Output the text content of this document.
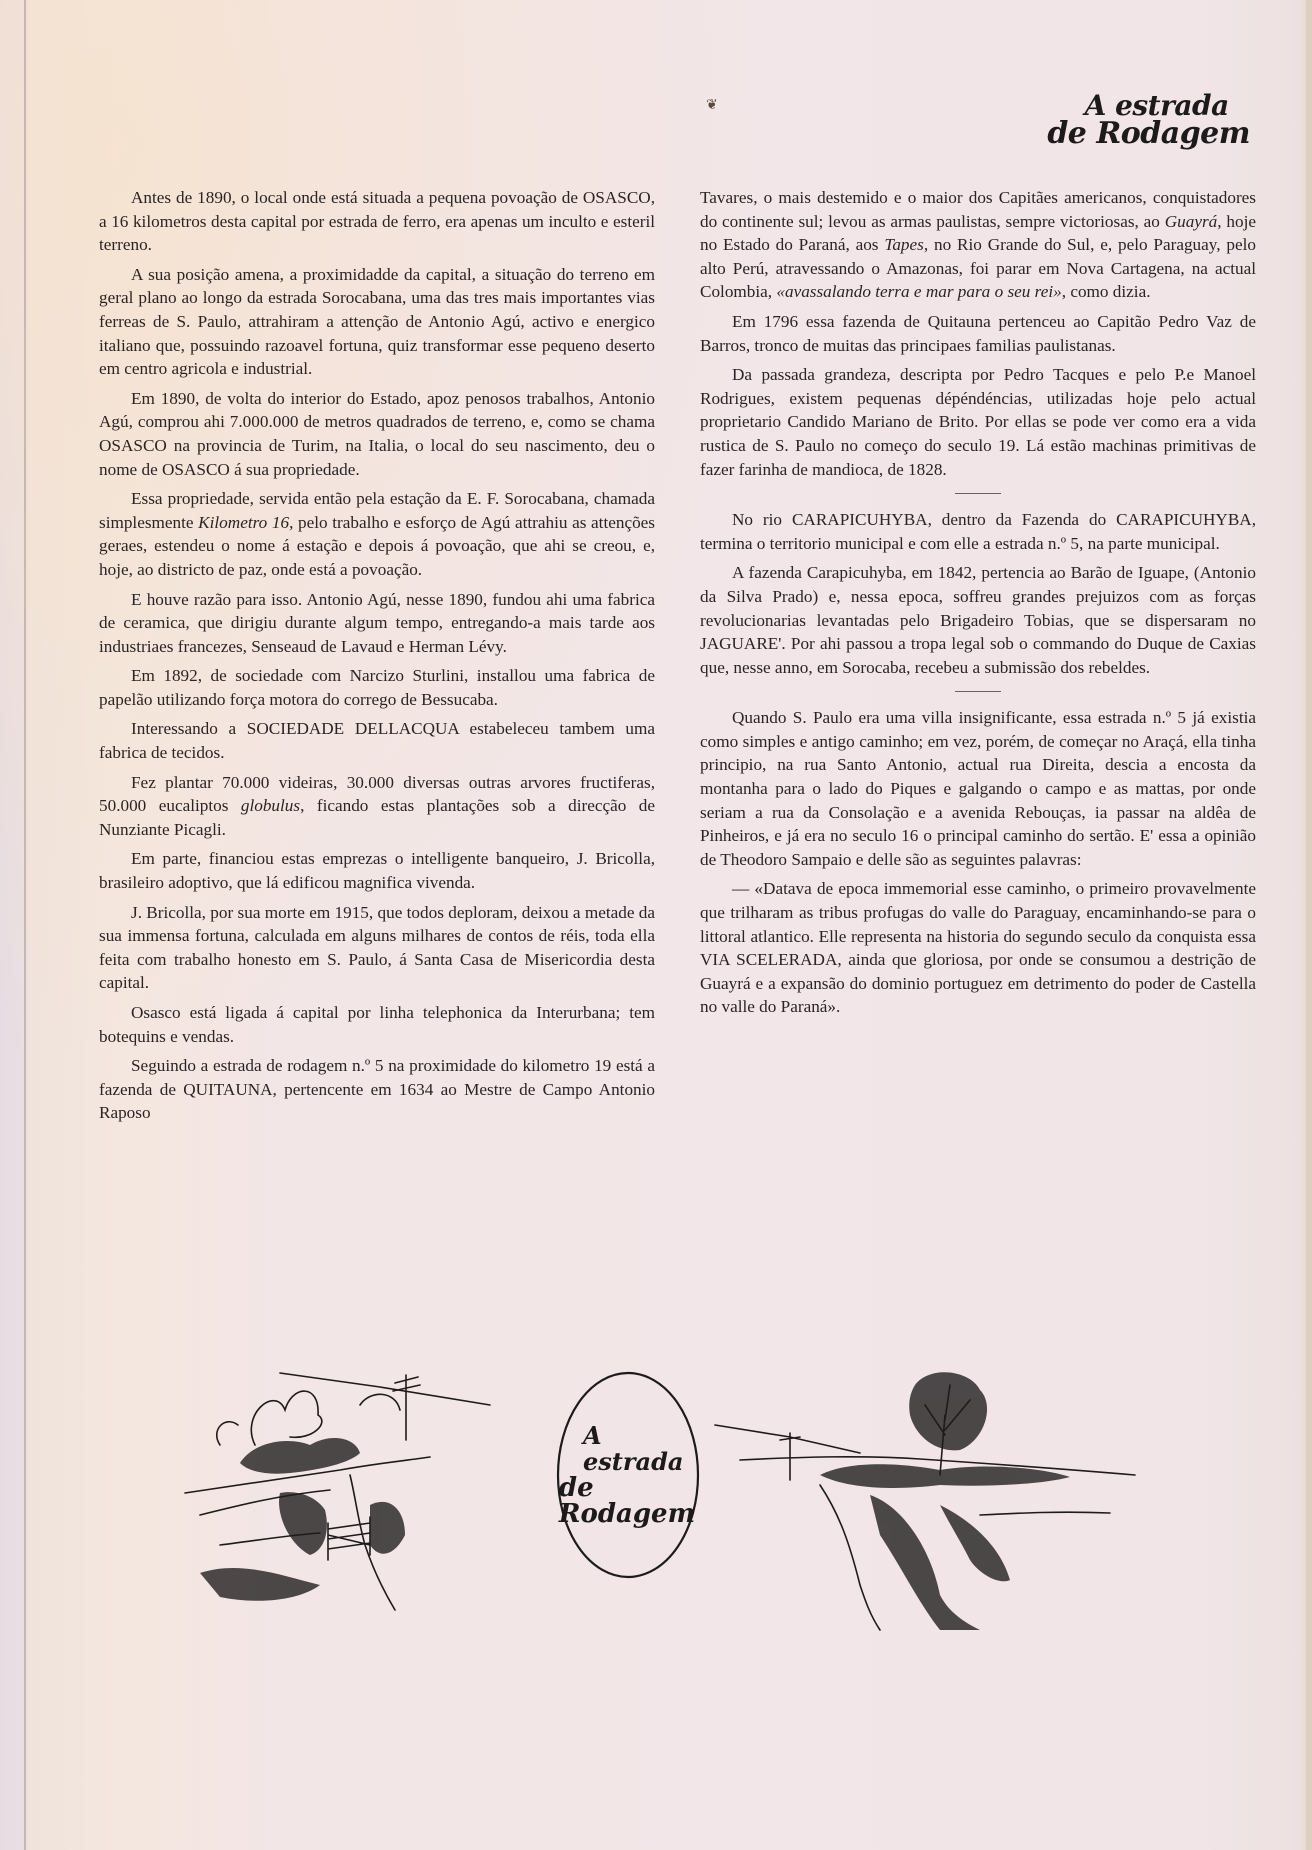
❦	A estrada
de Rodagem

Antes de 1890, o local onde está situada a pequena povoação de OSASCO, a 16 kilometros desta capital por estrada de ferro, era apenas um inculto e esteril terreno.

A sua posição amena, a proximidadde da capital, a situação do terreno em geral plano ao longo da estrada Sorocabana, uma das tres mais importantes vias ferreas de S. Paulo, attrahiram a attenção de Antonio Agú, activo e energico italiano que, possuindo razoavel fortuna, quiz transformar esse pequeno deserto em centro agricola e industrial.

Em 1890, de volta do interior do Estado, apoz penosos trabalhos, Antonio Agú, comprou ahi 7.000.000 de metros quadrados de terreno, e, como se chama OSASCO na provincia de Turim, na Italia, o local do seu nascimento, deu o nome de OSASCO á sua propriedade.

Essa propriedade, servida então pela estação da E. F. Sorocabana, chamada simplesmente Kilometro 16, pelo trabalho e esforço de Agú attrahiu as attenções geraes, estendeu o nome á estação e depois á povoação, que ahi se creou, e, hoje, ao districto de paz, onde está a povoação.

E houve razão para isso. Antonio Agú, nesse 1890, fundou ahi uma fabrica de ceramica, que dirigiu durante algum tempo, entregando-a mais tarde aos industriaes francezes, Senseaud de Lavaud e Herman Lévy.

Em 1892, de sociedade com Narcizo Sturlini, installou uma fabrica de papelão utilizando força motora do corrego de Bessucaba.

Interessando a SOCIEDADE DELLACQUA estabeleceu tambem uma fabrica de tecidos.

Fez plantar 70.000 videiras, 30.000 diversas outras arvores fructiferas, 50.000 eucaliptos globulus, ficando estas plantações sob a direcção de Nunziante Picagli.

Em parte, financiou estas emprezas o intelligente banqueiro, J. Bricolla, brasileiro adoptivo, que lá edificou magnifica vivenda.

J. Bricolla, por sua morte em 1915, que todos deploram, deixou a metade da sua immensa fortuna, calculada em alguns milhares de contos de réis, toda ella feita com trabalho honesto em S. Paulo, á Santa Casa de Misericordia desta capital.

Osasco está ligada á capital por linha telephonica da Interurbana; tem botequins e vendas.

Seguindo a estrada de rodagem n.º 5 na proximidade do kilometro 19 está a fazenda de QUITAUNA, pertencente em 1634 ao Mestre de Campo Antonio Raposo

Tavares, o mais destemido e o maior dos Capitães americanos, conquistadores do continente sul; levou as armas paulistas, sempre victoriosas, ao Guayrá, hoje no Estado do Paraná, aos Tapes, no Rio Grande do Sul, e, pelo Paraguay, pelo alto Perú, atravessando o Amazonas, foi parar em Nova Cartagena, na actual Colombia, «avassalando terra e mar para o seu rei», como dizia.

Em 1796 essa fazenda de Quitauna pertenceu ao Capitão Pedro Vaz de Barros, tronco de muitas das principaes familias paulistanas.

Da passada grandeza, descripta por Pedro Tacques e pelo P.e Manoel Rodrigues, existem pequenas dépéndéncias, utilizadas hoje pelo actual proprietario Candido Mariano de Brito. Por ellas se pode ver como era a vida rustica de S. Paulo no começo do seculo 19. Lá estão machinas primitivas de fazer farinha de mandioca, de 1828.

No rio CARAPICUHYBA, dentro da Fazenda do CARAPICUHYBA, termina o territorio municipal e com elle a estrada n.º 5, na parte municipal.

A fazenda Carapicuhyba, em 1842, pertencia ao Barão de Iguape, (Antonio da Silva Prado) e, nessa epoca, soffreu grandes prejuizos com as forças revolucionarias levantadas pelo Brigadeiro Tobias, que se dispersaram no JAGUARE'. Por ahi passou a tropa legal sob o commando do Duque de Caxias que, nesse anno, em Sorocaba, recebeu a submissão dos rebeldes.

Quando S. Paulo era uma villa insignificante, essa estrada n.º 5 já existia como simples e antigo caminho; em vez, porém, de começar no Araçá, ella tinha principio, na rua Santo Antonio, actual rua Direita, descia a encosta da montanha para o lado do Piques e galgando o campo e as mattas, por onde seriam a rua da Consolação e a avenida Rebouças, ia passar na aldêa de Pinheiros, e já era no seculo 16 o principal caminho do sertão. E' essa a opinião de Theodoro Sampaio e delle são as seguintes palavras:

— «Datava de epoca immemorial esse caminho, o primeiro provavelmente que trilharam as tribus profugas do valle do Paraguay, encaminhando-se para o littoral atlantico. Elle representa na historia do segundo seculo da conquista essa VIA SCELERADA, ainda que gloriosa, por onde se consumou a destrição de Guayrá e a expansão do dominio portuguez em detrimento do poder de Castella no valle do Paraná».

A estrada
de Rodagem
